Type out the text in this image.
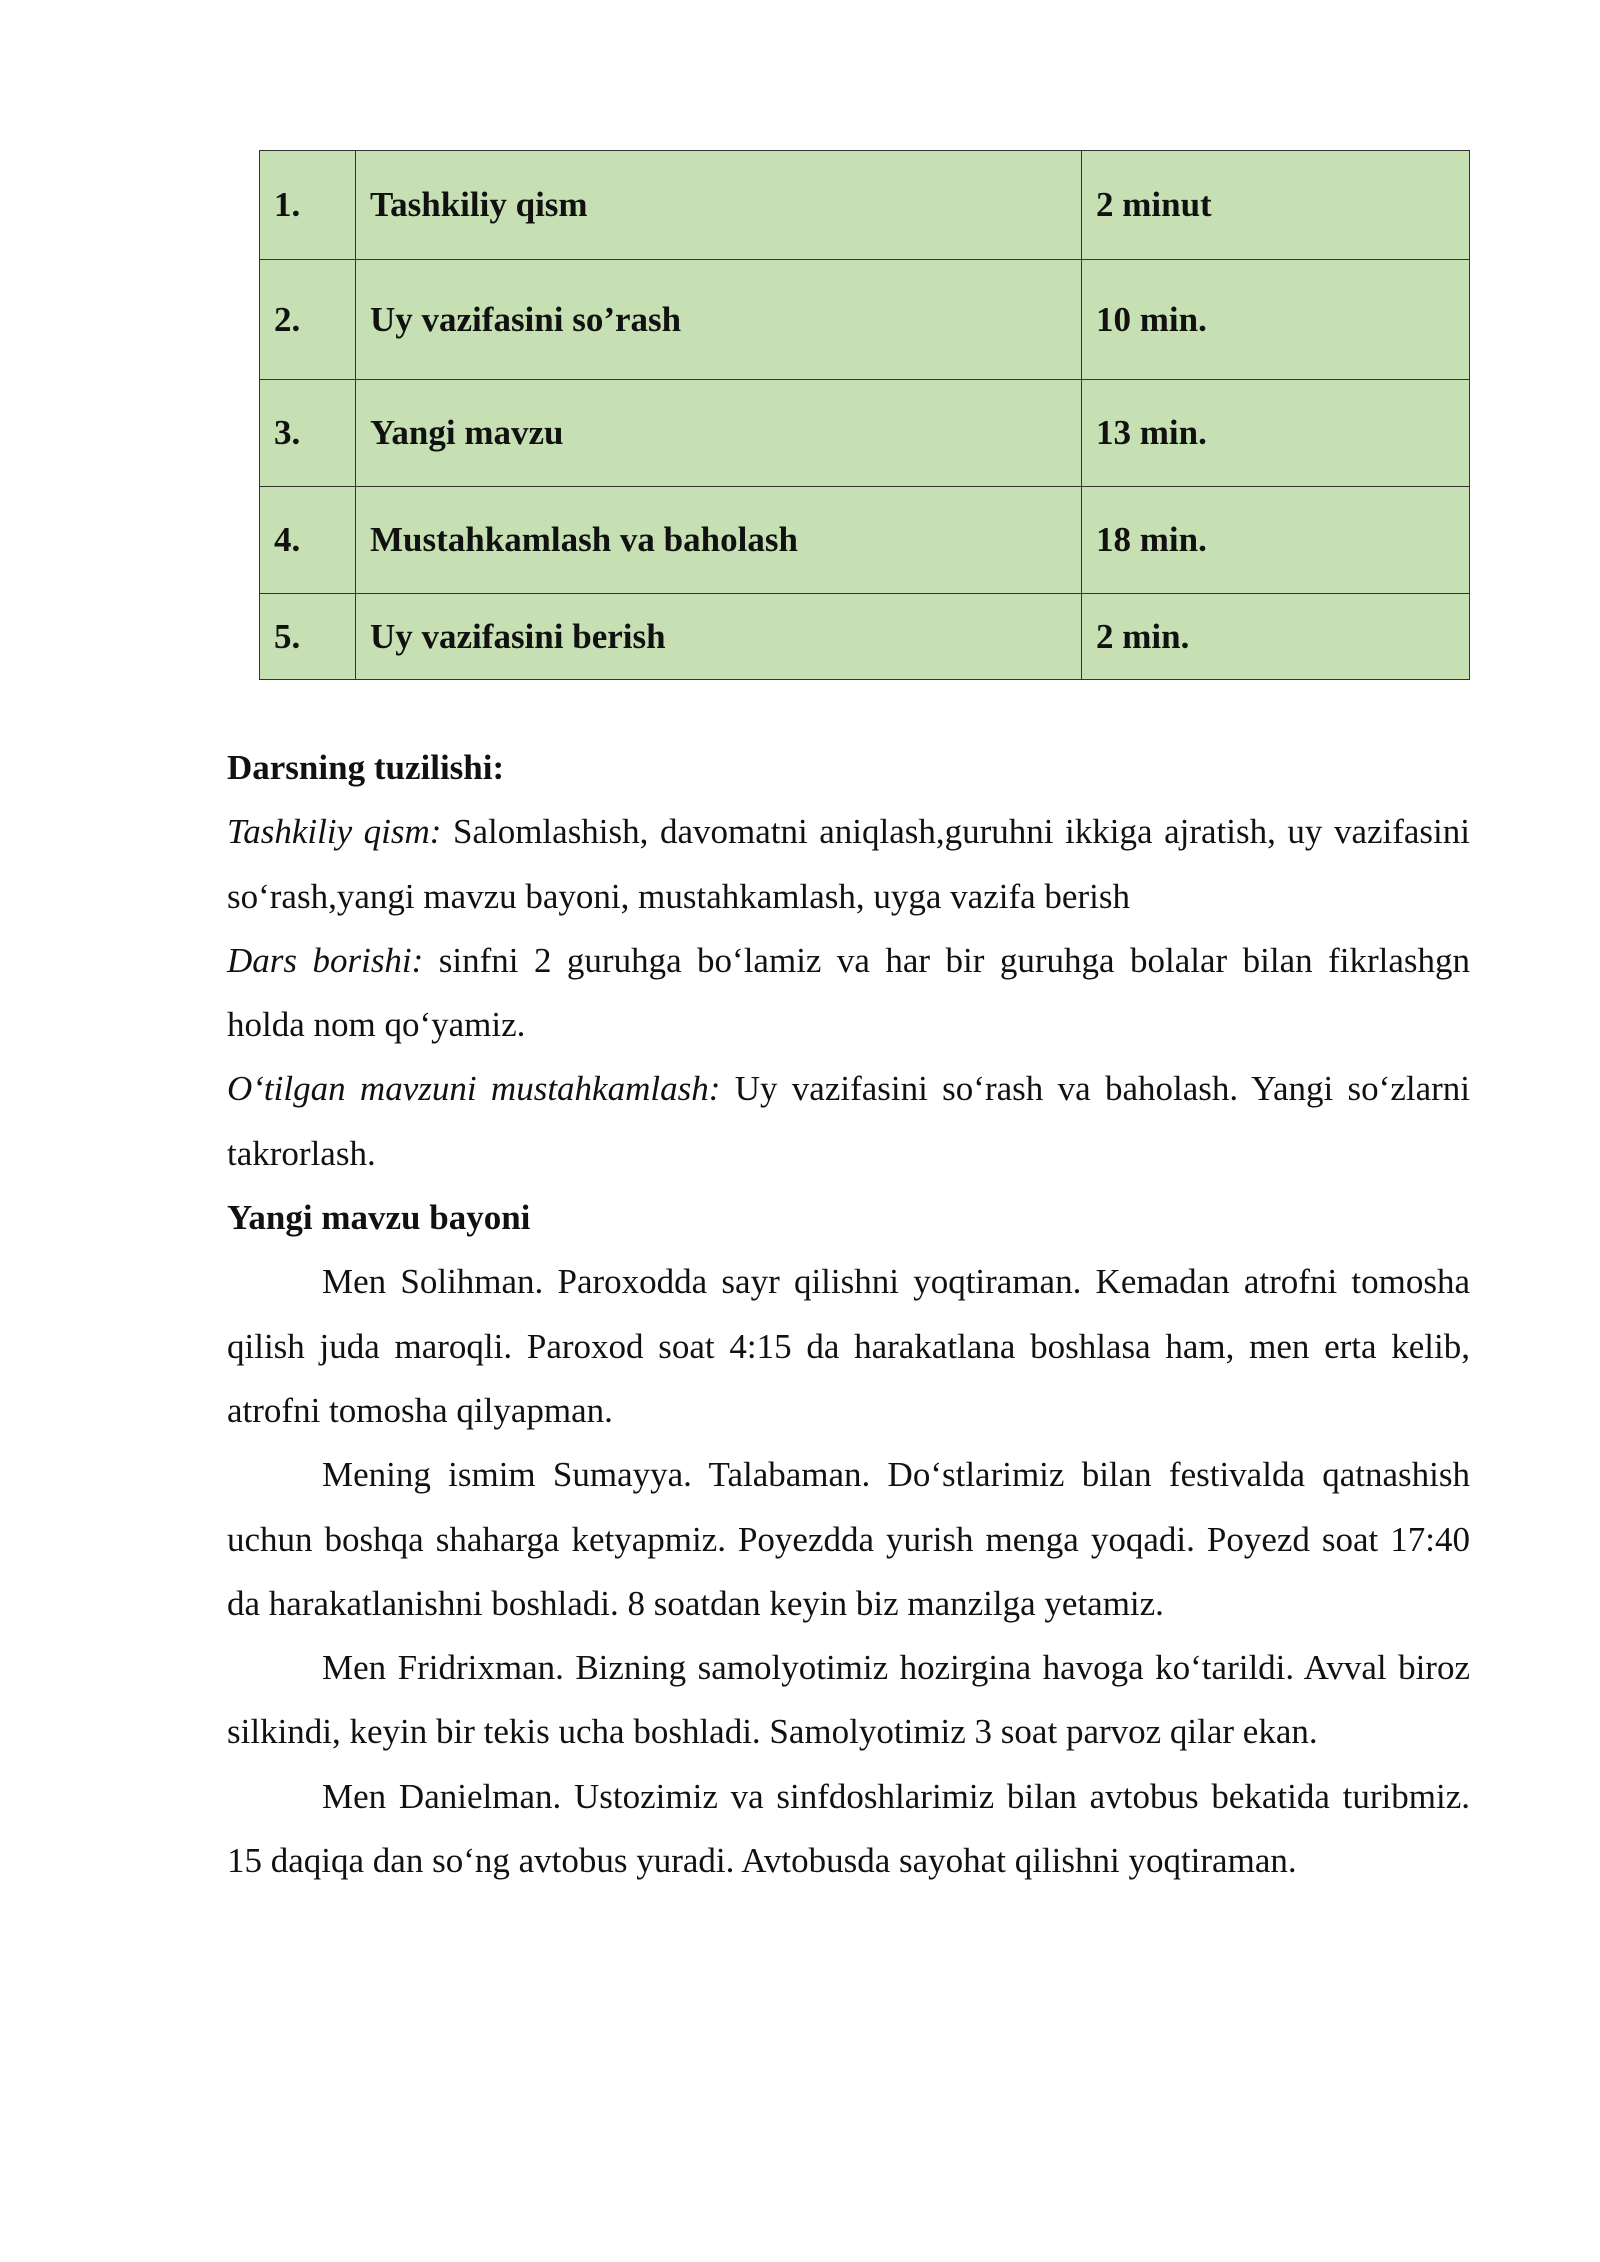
1.	Tashkiliy qism	2 minut
2.	Uy vazifasini so’rash	10 min.
3.	Yangi mavzu	13 min.
4.	Mustahkamlash va baholash	18 min.
5.	Uy vazifasini berish	2 min.

Darsning tuzilishi:

Tashkiliy qism: Salomlashish, davomatni aniqlash,guruhni ikkiga ajratish, uy vazifasini so‘rash,yangi mavzu bayoni, mustahkamlash, uyga vazifa berish

Dars borishi: sinfni 2 guruhga bo‘lamiz va har bir guruhga bolalar bilan fikrlashgn holda nom qo‘yamiz.

O‘tilgan mavzuni mustahkamlash: Uy vazifasini so‘rash va baholash. Yangi so‘zlarni takrorlash.

Yangi mavzu bayoni

Men Solihman. Paroxodda sayr qilishni yoqtiraman. Kemadan atrofni tomosha qilish juda maroqli. Paroxod soat 4:15 da harakatlana boshlasa ham, men erta kelib, atrofni tomosha qilyapman.

Mening ismim Sumayya. Talabaman. Do‘stlarimiz bilan festivalda qatnashish uchun boshqa shaharga ketyapmiz. Poyezdda yurish menga yoqadi. Poyezd soat 17:40 da harakatlanishni boshladi. 8 soatdan keyin biz manzilga yetamiz.

Men Fridrixman. Bizning samolyotimiz hozirgina havoga ko‘tarildi. Avval biroz silkindi, keyin bir tekis ucha boshladi. Samolyotimiz 3 soat parvoz qilar ekan.

Men Danielman. Ustozimiz va sinfdoshlarimiz bilan avtobus bekatida turibmiz. 15 daqiqa dan so‘ng avtobus yuradi. Avtobusda sayohat qilishni yoqtiraman.
